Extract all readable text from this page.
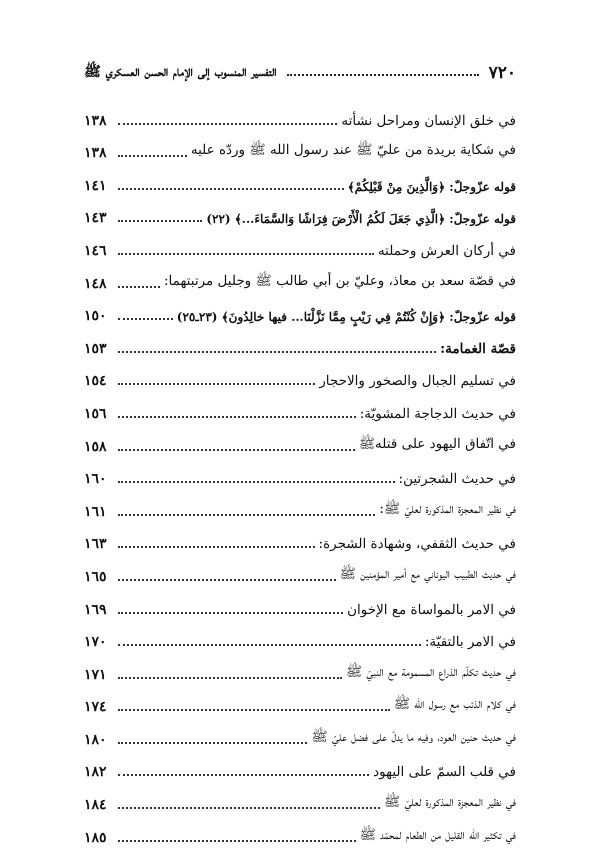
٧٢٠
التفسير المنسوب إلى الإمام الحسن العسكري ﷺ
في خلق الإنسان ومراحل نشأته
١٣٨
في شكاية بريدة من عليّ ﷺ عند رسول الله ﷺ وردّه عليه
١٣٨
قوله عزّوجلّ: ﴿وَالَّذِينَ مِنْ قَبْلِكُمْ﴾
١٤١
قوله عزّوجلّ: ﴿الَّذِي جَعَلَ لَكُمُ الْأَرْضَ فِرَاشًا وَالسَّمَاءَ...﴾ (٢٢)
١٤٣
في أركان العرش وحملته
١٤٦
في قصّة سعد بن معاذ، وعليّ بن أبي طالب ﷺ وجليل مرتبتهما:
١٤٨
قوله عزّوجلّ: ﴿وَإِنْ كُنْتُمْ فِي رَيْبٍ مِمَّا نَزَّلْنَا... فيها خالِدُونَ﴾ (٢٣ـ٢٥)
١٥٠
قصّة الغمامة:
١٥٣
في تسليم الجبال والصخور والاحجار
١٥٤
في حديث الدجاجة المشويّة:
١٥٦
في اتّفاق اليهود على قتلهﷺ
١٥٨
في حديث الشجرتين:
١٦٠
في نظير المعجزة المذكورة لعليّ ﷺ:
١٦١
في حديث الثقفي، وشهادة الشجرة:
١٦٣
في حديث الطبيب اليوناني مع أمير المؤمنين ﷺ
١٦٥
في الامر بالمواساة مع الإخوان
١٦٩
في الامر بالتقيّة:
١٧٠
في حديث تكلّم الذراع المسمومة مع النبيّ ﷺ
١٧١
في كلام الذئب مع رسول الله ﷺ
١٧٤
في حديث حنين العود، وفيه ما يدلّ على فضل عليّ ﷺ
١٨٠
في قلب السمّ على اليهود
١٨٢
في نظير المعجزة المذكورة لعليّ ﷺ
١٨٤
في تكثير الله القليل من الطعام لمحمّد ﷺ
١٨٥
